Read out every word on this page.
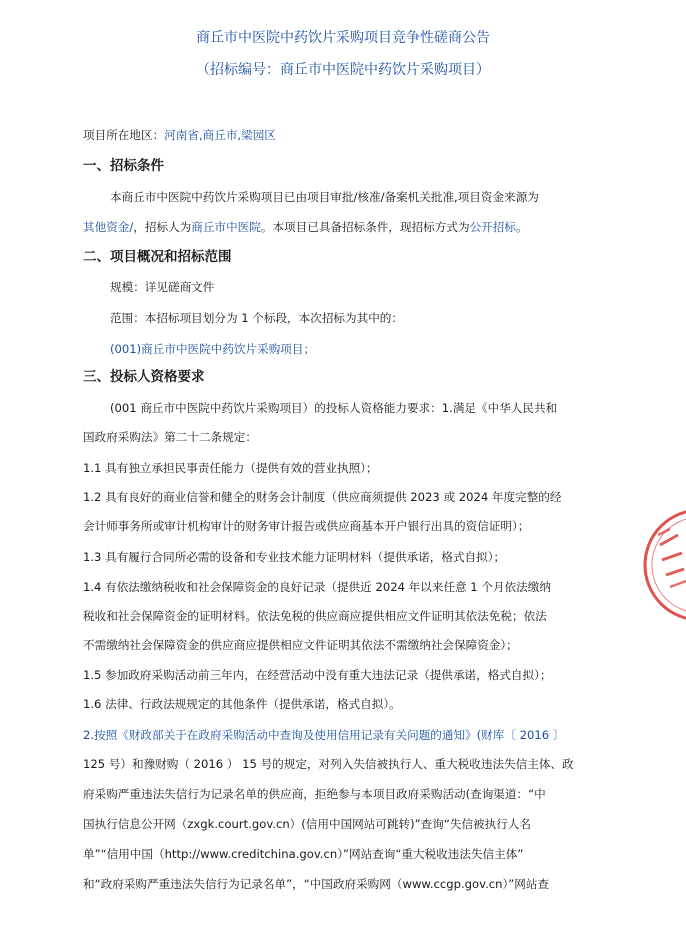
商丘市中医院中药饮片采购项目竞争性磋商公告
（招标编号：商丘市中医院中药饮片采购项目）
项目所在地区：河南省,商丘市,梁园区
一、招标条件
本商丘市中医院中药饮片采购项目已由项目审批/核准/备案机关批准,项目资金来源为
其他资金/，招标人为商丘市中医院。本项目已具备招标条件，现招标方式为公开招标。
二、项目概况和招标范围
规模：详见磋商文件
范围：本招标项目划分为 1 个标段，本次招标为其中的：
(001)商丘市中医院中药饮片采购项目；
三、投标人资格要求
(001 商丘市中医院中药饮片采购项目）的投标人资格能力要求：1.满足《中华人民共和
国政府采购法》第二十二条规定：
1.1 具有独立承担民事责任能力（提供有效的营业执照）；
1.2 具有良好的商业信誉和健全的财务会计制度（供应商须提供 2023 或 2024 年度完整的经
会计师事务所或审计机构审计的财务审计报告或供应商基本开户银行出具的资信证明）；
1.3 具有履行合同所必需的设备和专业技术能力证明材料（提供承诺，格式自拟）；
1.4 有依法缴纳税收和社会保障资金的良好记录（提供近 2024 年以来任意 1 个月依法缴纳
税收和社会保障资金的证明材料。依法免税的供应商应提供相应文件证明其依法免税；依法
不需缴纳社会保障资金的供应商应提供相应文件证明其依法不需缴纳社会保障资金）；
1.5 参加政府采购活动前三年内，在经营活动中没有重大违法记录（提供承诺，格式自拟）；
1.6 法律、行政法规规定的其他条件（提供承诺，格式自拟）。
2.按照《财政部关于在政府采购活动中查询及使用信用记录有关问题的通知》(财库〔 2016 〕
125 号）和豫财购（ 2016 ） 15 号的规定，对列入失信被执行人、重大税收违法失信主体、政
府采购严重违法失信行为记录名单的供应商，拒绝参与本项目政府采购活动(查询渠道：“中
国执行信息公开网（zxgk.court.gov.cn）(信用中国网站可跳转)”查询“失信被执行人名
单”“信用中国（http://www.creditchina.gov.cn）”网站查询“重大税收违法失信主体”
和“政府采购严重违法失信行为记录名单”，“中国政府采购网（www.ccgp.gov.cn）”网站查
